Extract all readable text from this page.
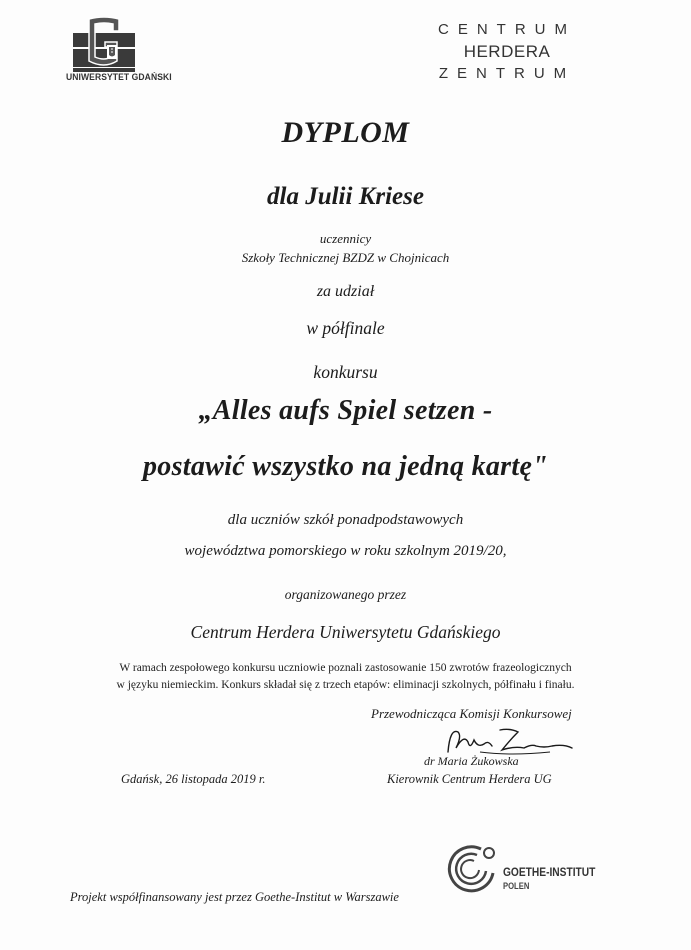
UNIWERSYTET GDAŃSKI
CENTRUM
HERDERA
ZENTRUM
DYPLOM
dla Julii Kriese
uczennicy
Szkoły Technicznej BZDZ w Chojnicach
za udział
w półfinale
konkursu
„Alles aufs Spiel setzen -
postawić wszystko na jedną kartę"
dla uczniów szkół ponadpodstawowych
województwa pomorskiego w roku szkolnym 2019/20,
organizowanego przez
Centrum Herdera Uniwersytetu Gdańskiego
W ramach zespołowego konkursu uczniowie poznali zastosowanie 150 zwrotów frazeologicznych
w języku niemieckim. Konkurs składał się z trzech etapów: eliminacji szkolnych, półfinału i finału.
Przewodnicząca Komisji Konkursowej
dr Maria Żukowska
Kierownik Centrum Herdera UG
Gdańsk, 26 listopada 2019 r.
GOETHE-INSTITUT
POLEN
Projekt współfinansowany jest przez Goethe-Institut w Warszawie
